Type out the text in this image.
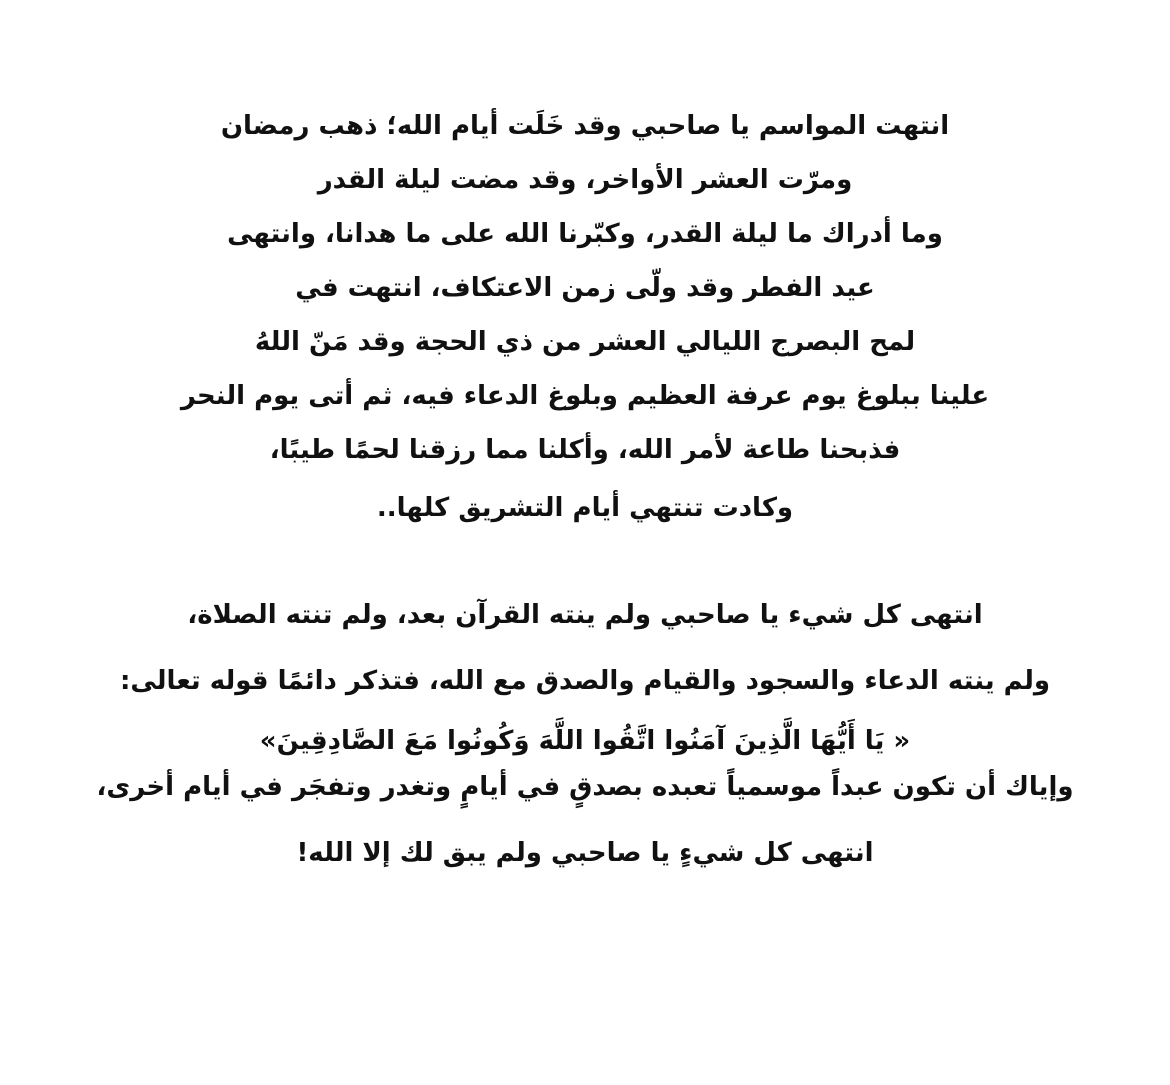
انتهت المواسم يا صاحبي وقد خَلَت أيام الله؛ ذهب رمضان
ومرّت العشر الأواخر، وقد مضت ليلة القدر
وما أدراك ما ليلة القدر، وكبّرنا الله على ما هدانا، وانتهى
عيد الفطر وقد ولّى زمن الاعتكاف، انتهت في
لمح البصرج الليالي العشر من ذي الحجة وقد مَنّ اللهُ
علينا ببلوغ يوم عرفة العظيم وبلوغ الدعاء فيه، ثم أتى يوم النحر
فذبحنا طاعة لأمر الله، وأكلنا مما رزقنا لحمًا طيبًا،
وكادت تنتهي أيام التشريق كلها..
انتهى كل شيء يا صاحبي ولم ينته القرآن بعد، ولم تنته الصلاة،
ولم ينته الدعاء والسجود والقيام والصدق مع الله، فتذكر دائمًا قوله تعالى:
« يَا أَيُّهَا الَّذِينَ آمَنُوا اتَّقُوا اللَّهَ وَكُونُوا مَعَ الصَّادِقِينَ»
وإياك أن تكون عبداً موسمياً تعبده بصدقٍ في أيامٍ وتغدر وتفجَر في أيام أخرى،
انتهى كل شيءٍ يا صاحبي ولم يبق لك إلا الله!
